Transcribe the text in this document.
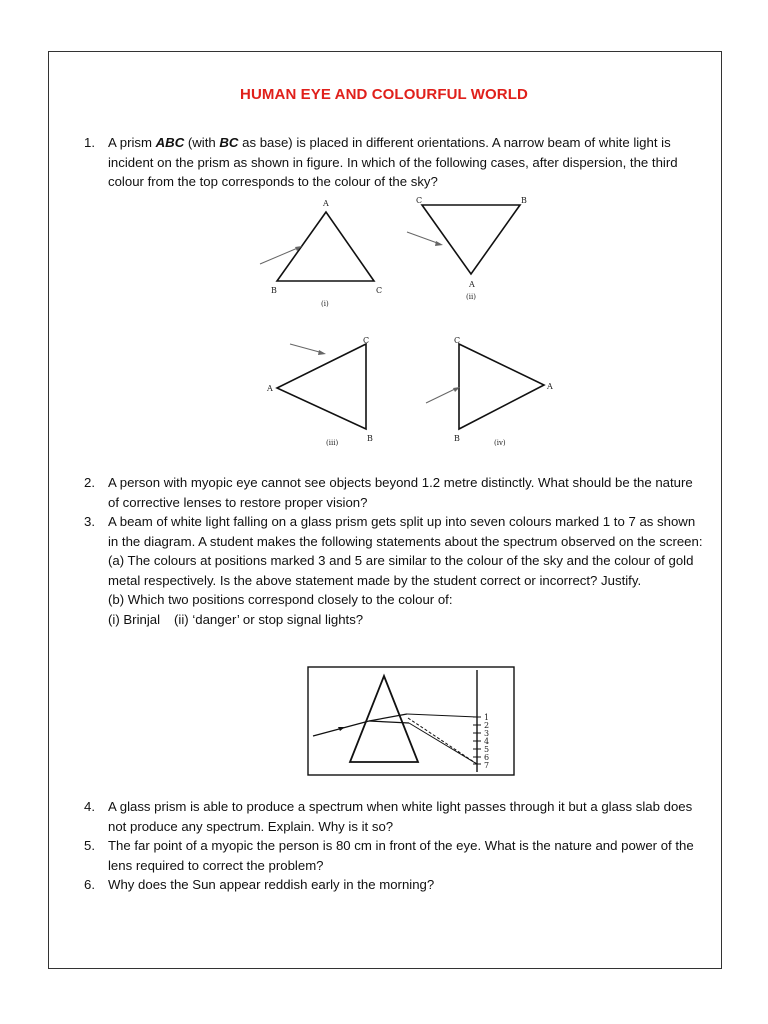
HUMAN EYE AND COLOURFUL WORLD
1. A prism ABC (with BC as base) is placed in different orientations. A narrow beam of white light is incident on the prism as shown in figure. In which of the following cases, after dispersion, the third colour from the top corresponds to the colour of the sky?
A
B	C
(i)
C	B
A
(ii)
C
A
B
(iii)
C
A
B	(iv)
2. A person with myopic eye cannot see objects beyond 1.2 metre distinctly. What should be the nature of corrective lenses to restore proper vision?
3. A beam of white light falling on a glass prism gets split up into seven colours marked 1 to 7 as shown in the diagram. A student makes the following statements about the spectrum observed on the screen:
(a) The colours at positions marked 3 and 5 are similar to the colour of the sky and the colour of gold metal respectively. Is the above statement made by the student correct or incorrect? Justify.
(b) Which two positions correspond closely to the colour of:
(i) Brinjal (ii) ‘danger’ or stop signal lights?
1
2
3
4
5
6
7
4. A glass prism is able to produce a spectrum when white light passes through it but a glass slab does not produce any spectrum. Explain. Why is it so?
5. The far point of a myopic the person is 80 cm in front of the eye. What is the nature and power of the lens required to correct the problem?
6. Why does the Sun appear reddish early in the morning?
